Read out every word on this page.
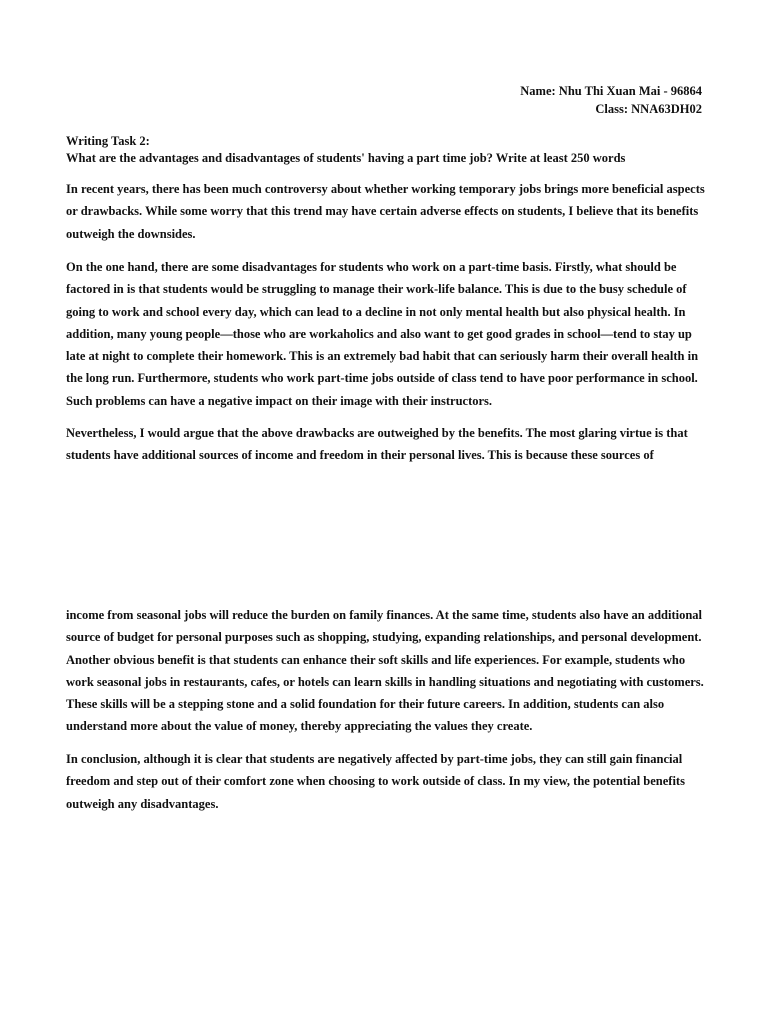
Name: Nhu Thi Xuan Mai - 96864
Class: NNA63DH02
Writing Task 2:
What are the advantages and disadvantages of students' having a part time job? Write at least 250 words

In recent years, there has been much controversy about whether working temporary jobs brings more beneficial aspects or drawbacks. While some worry that this trend may have certain adverse effects on students, I believe that its benefits outweigh the downsides.

On the one hand, there are some disadvantages for students who work on a part-time basis. Firstly, what should be factored in is that students would be struggling to manage their work-life balance. This is due to the busy schedule of going to work and school every day, which can lead to a decline in not only mental health but also physical health. In addition, many young people—those who are workaholics and also want to get good grades in school—tend to stay up late at night to complete their homework. This is an extremely bad habit that can seriously harm their overall health in the long run. Furthermore, students who work part-time jobs outside of class tend to have poor performance in school. Such problems can have a negative impact on their image with their instructors.

Nevertheless, I would argue that the above drawbacks are outweighed by the benefits. The most glaring virtue is that students have additional sources of income and freedom in their personal lives. This is because these sources of

income from seasonal jobs will reduce the burden on family finances. At the same time, students also have an additional source of budget for personal purposes such as shopping, studying, expanding relationships, and personal development. Another obvious benefit is that students can enhance their soft skills and life experiences. For example, students who work seasonal jobs in restaurants, cafes, or hotels can learn skills in handling situations and negotiating with customers. These skills will be a stepping stone and a solid foundation for their future careers. In addition, students can also understand more about the value of money, thereby appreciating the values they create.

In conclusion, although it is clear that students are negatively affected by part-time jobs, they can still gain financial freedom and step out of their comfort zone when choosing to work outside of class. In my view, the potential benefits outweigh any disadvantages.
